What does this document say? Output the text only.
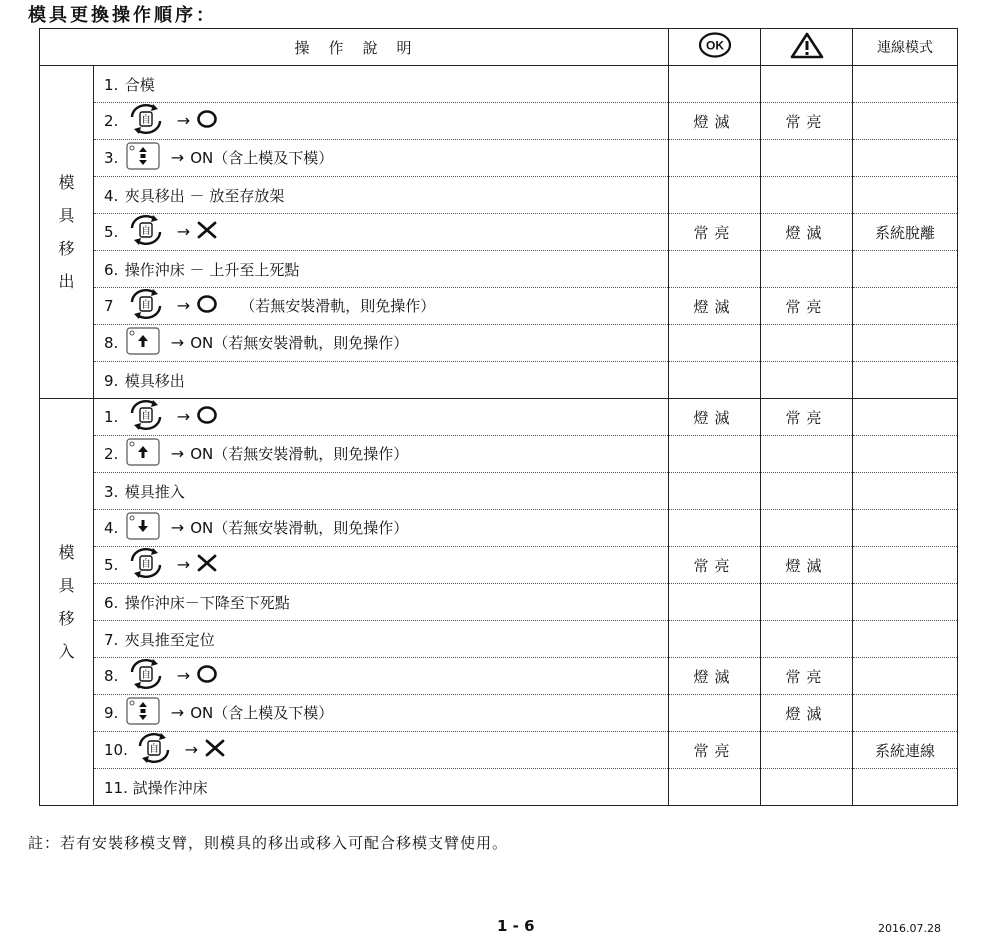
模具更換操作順序：
操　作　說　明		OK		連線模式
模具移出	1. 合模			
	2. 自 →	燈滅	常亮	
	3. → ON（含上模及下模）			
	4. 夾具移出 － 放至存放架			
	5. 自 →	常亮	燈滅	系統脫離
	6. 操作沖床 － 上升至上死點			
	7 自 → （若無安裝滑軌，則免操作）	燈滅	常亮	
	8. → ON（若無安裝滑軌，則免操作）			
	9. 模具移出			
模具移入	1. 自 →	燈滅	常亮	
	2. → ON（若無安裝滑軌，則免操作）			
	3. 模具推入			
	4. → ON（若無安裝滑軌，則免操作）			
	5. 自 →	常亮	燈滅	
	6. 操作沖床－下降至下死點			
	7. 夾具推至定位			
	8. 自 →	燈滅	常亮	
	9. → ON（含上模及下模）		燈滅	
	10. 自 →	常亮		系統連線
	11. 試操作沖床			
註：若有安裝移模支臂，則模具的移出或移入可配合移模支臂使用。
1 - 6	2016.07.28
